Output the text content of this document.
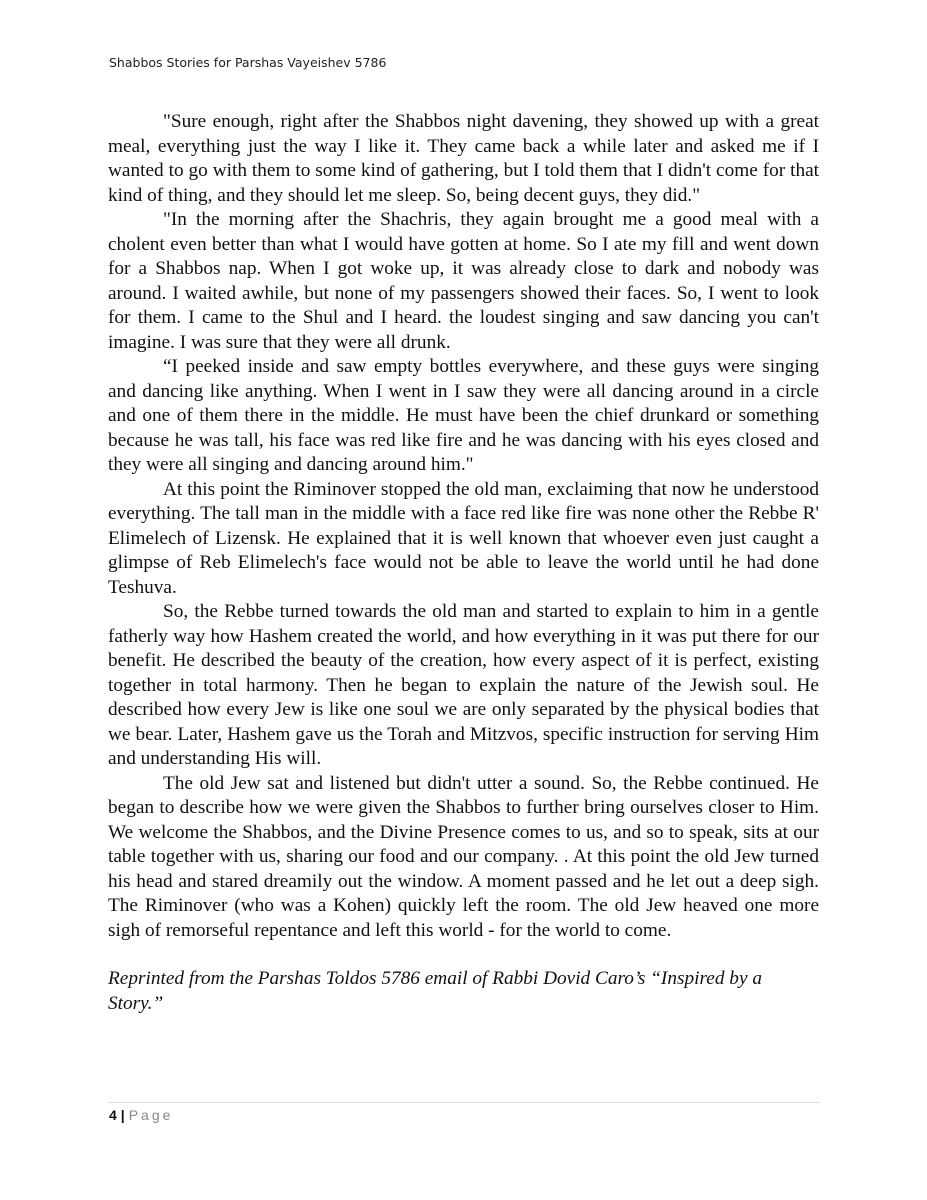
Shabbos Stories for Parshas Vayeishev 5786

"Sure enough, right after the Shabbos night davening, they showed up with a great meal, everything just the way I like it. They came back a while later and asked me if I wanted to go with them to some kind of gathering, but I told them that I didn't come for that kind of thing, and they should let me sleep. So, being decent guys, they did."

"In the morning after the Shachris, they again brought me a good meal with a cholent even better than what I would have gotten at home. So I ate my fill and went down for a Shabbos nap. When I got woke up, it was already close to dark and nobody was around. I waited awhile, but none of my passengers showed their faces. So, I went to look for them. I came to the Shul and I heard. the loudest singing and saw dancing you can't imagine. I was sure that they were all drunk.

“I peeked inside and saw empty bottles everywhere, and these guys were singing and dancing like anything. When I went in I saw they were all dancing around in a circle and one of them there in the middle. He must have been the chief drunkard or something because he was tall, his face was red like fire and he was dancing with his eyes closed and they were all singing and dancing around him."

At this point the Riminover stopped the old man, exclaiming that now he understood everything. The tall man in the middle with a face red like fire was none other the Rebbe R' Elimelech of Lizensk. He explained that it is well known that whoever even just caught a glimpse of Reb Elimelech's face would not be able to leave the world until he had done Teshuva.

So, the Rebbe turned towards the old man and started to explain to him in a gentle fatherly way how Hashem created the world, and how everything in it was put there for our benefit. He described the beauty of the creation, how every aspect of it is perfect, existing together in total harmony. Then he began to explain the nature of the Jewish soul. He described how every Jew is like one soul we are only separated by the physical bodies that we bear. Later, Hashem gave us the Torah and Mitzvos, specific instruction for serving Him and understanding His will.

The old Jew sat and listened but didn't utter a sound. So, the Rebbe continued. He began to describe how we were given the Shabbos to further bring ourselves closer to Him. We welcome the Shabbos, and the Divine Presence comes to us, and so to speak, sits at our table together with us, sharing our food and our company. . At this point the old Jew turned his head and stared dreamily out the window. A moment passed and he let out a deep sigh. The Riminover (who was a Kohen) quickly left the room. The old Jew heaved one more sigh of remorseful repentance and left this world - for the world to come.

Reprinted from the Parshas Toldos 5786 email of Rabbi Dovid Caro’s “Inspired by a Story.”

4 | Page
